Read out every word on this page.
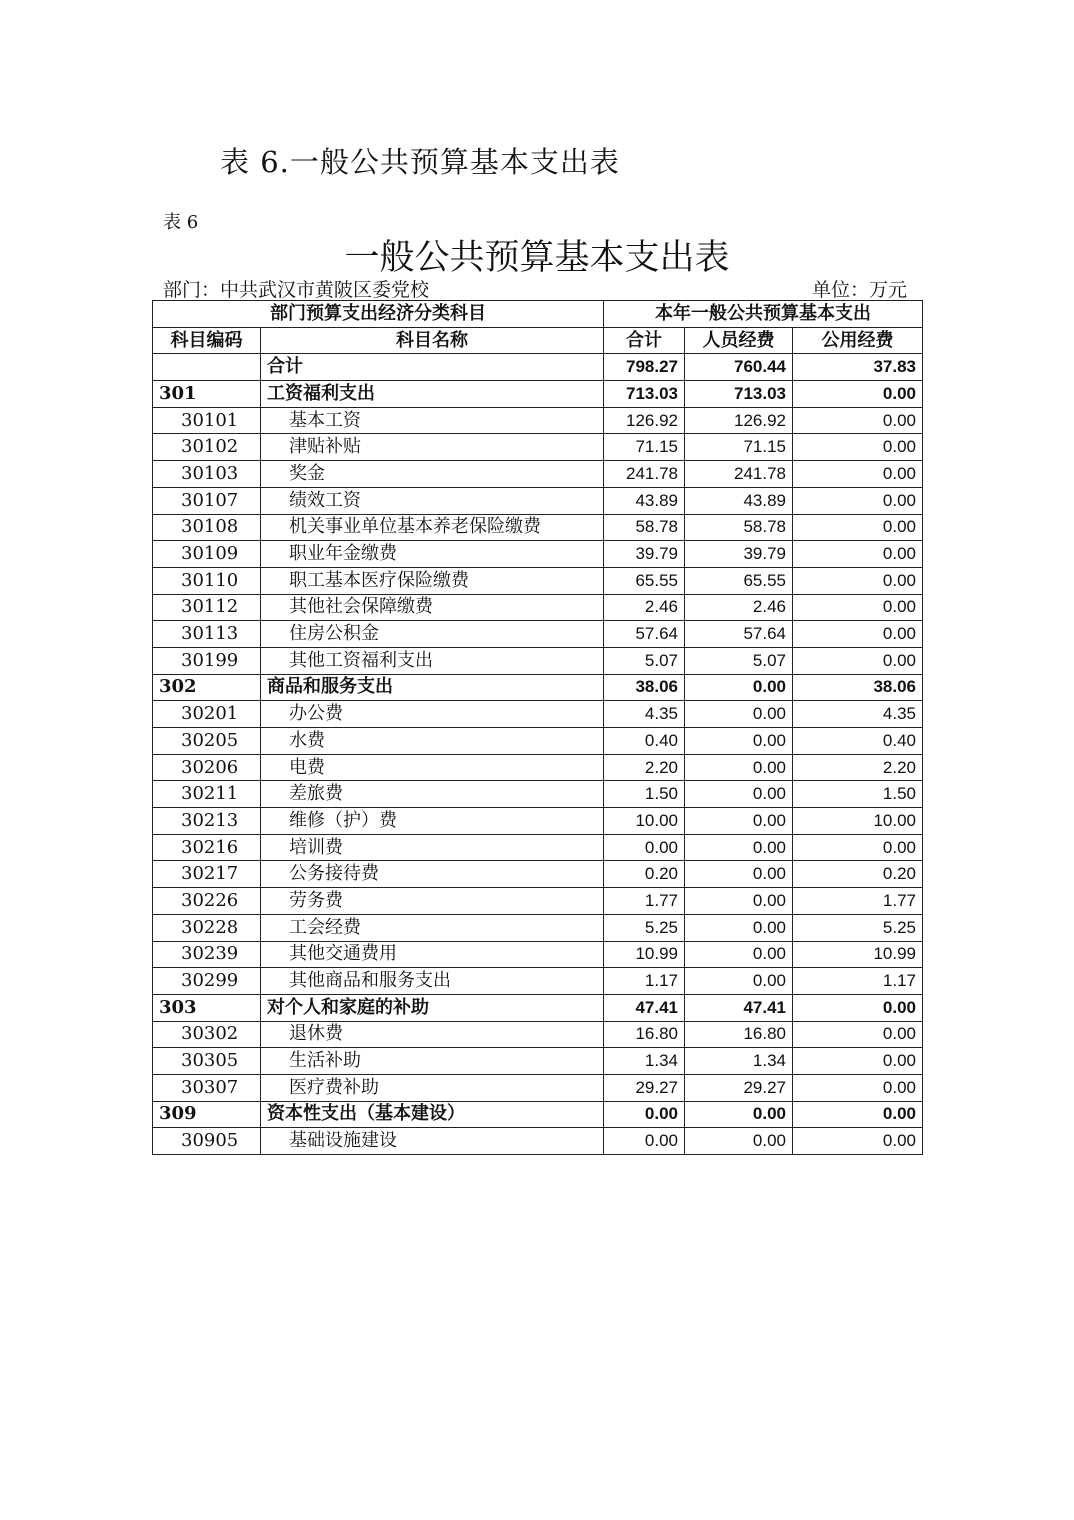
表 6.一般公共预算基本支出表
表 6
一般公共预算基本支出表
部门：中共武汉市黄陂区委党校	单位：万元
部门预算支出经济分类科目		本年一般公共预算基本支出		
科目编码	科目名称	合计	人员经费	公用经费
	合计	798.27	760.44	37.83
301	工资福利支出	713.03	713.03	0.00
30101	基本工资	126.92	126.92	0.00
30102	津贴补贴	71.15	71.15	0.00
30103	奖金	241.78	241.78	0.00
30107	绩效工资	43.89	43.89	0.00
30108	机关事业单位基本养老保险缴费	58.78	58.78	0.00
30109	职业年金缴费	39.79	39.79	0.00
30110	职工基本医疗保险缴费	65.55	65.55	0.00
30112	其他社会保障缴费	2.46	2.46	0.00
30113	住房公积金	57.64	57.64	0.00
30199	其他工资福利支出	5.07	5.07	0.00
302	商品和服务支出	38.06	0.00	38.06
30201	办公费	4.35	0.00	4.35
30205	水费	0.40	0.00	0.40
30206	电费	2.20	0.00	2.20
30211	差旅费	1.50	0.00	1.50
30213	维修（护）费	10.00	0.00	10.00
30216	培训费	0.00	0.00	0.00
30217	公务接待费	0.20	0.00	0.20
30226	劳务费	1.77	0.00	1.77
30228	工会经费	5.25	0.00	5.25
30239	其他交通费用	10.99	0.00	10.99
30299	其他商品和服务支出	1.17	0.00	1.17
303	对个人和家庭的补助	47.41	47.41	0.00
30302	退休费	16.80	16.80	0.00
30305	生活补助	1.34	1.34	0.00
30307	医疗费补助	29.27	29.27	0.00
309	资本性支出（基本建设）	0.00	0.00	0.00
30905	基础设施建设	0.00	0.00	0.00
